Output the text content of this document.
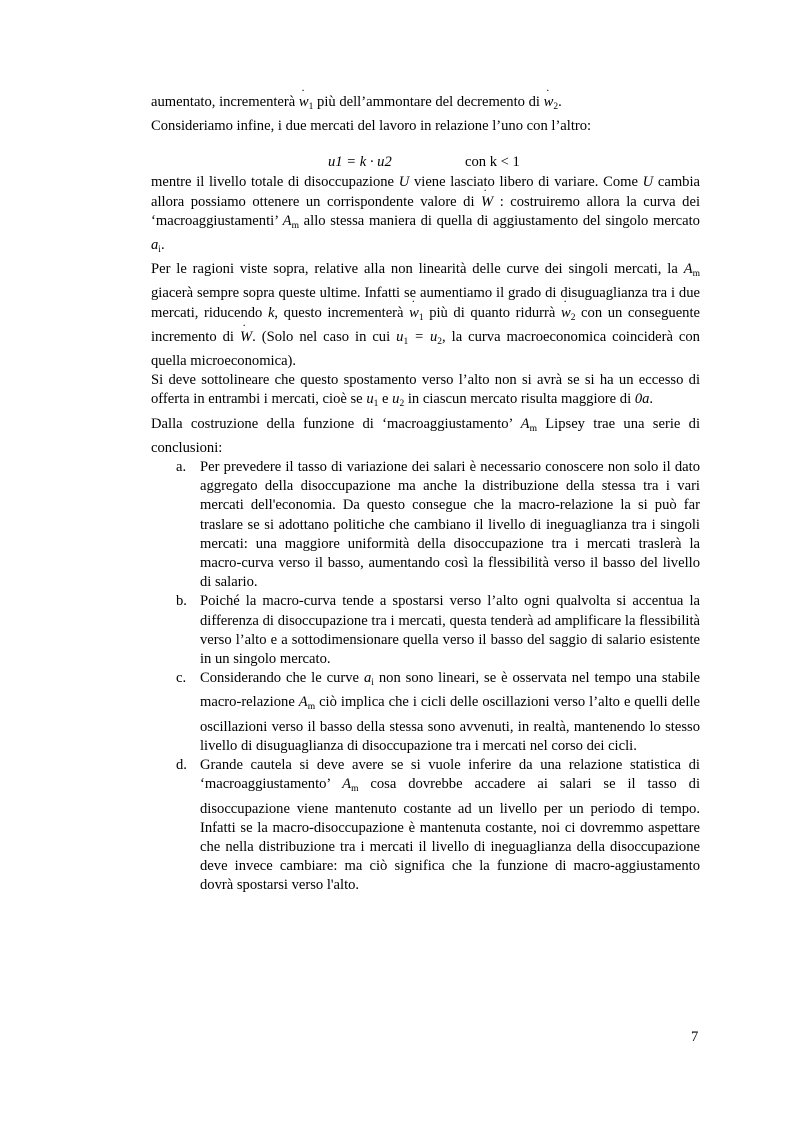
aumentato, incrementerà ˙ $w_1$ più dell’ammontare del decremento di ˙ $w_2$.

Consideriamo infine, i due mercati del lavoro in relazione l’uno con l’altro:

u1 = k · u2	con k < 1

mentre il livello totale di disoccupazione U viene lasciato libero di variare. Come U cambia allora possiamo ottenere un corrispondente valore di ˙ W : costruiremo allora la curva dei ‘macroaggiustamenti’ $A_m$ allo stessa maniera di quella di aggiustamento del singolo mercato $a_i$.

Per le ragioni viste sopra, relative alla non linearità delle curve dei singoli mercati, la $A_m$ giacerà sempre sopra queste ultime. Infatti se aumentiamo il grado di disuguaglianza tra i due mercati, riducendo k, questo incrementerà ˙ $w_1$ più di quanto ridurrà ˙ $w_2$ con un conseguente incremento di ˙ W. (Solo nel caso in cui $u_1 = u_2$, la curva macroeconomica coinciderà con quella microeconomica).

Si deve sottolineare che questo spostamento verso l’alto non si avrà se si ha un eccesso di offerta in entrambi i mercati, cioè se $u_1$ e $u_2$ in ciascun mercato risulta maggiore di 0a.

Dalla costruzione della funzione di ‘macroaggiustamento’ $A_m$ Lipsey trae una serie di conclusioni:

a. Per prevedere il tasso di variazione dei salari è necessario conoscere non solo il dato aggregato della disoccupazione ma anche la distribuzione della stessa tra i vari mercati dell'economia. Da questo consegue che la macro-relazione la si può far traslare se si adottano politiche che cambiano il livello di ineguaglianza tra i singoli mercati: una maggiore uniformità della disoccupazione tra i mercati traslerà la macro-curva verso il basso, aumentando così la flessibilità verso il basso del livello di salario.
b. Poiché la macro-curva tende a spostarsi verso l’alto ogni qualvolta si accentua la differenza di disoccupazione tra i mercati, questa tenderà ad amplificare la flessibilità verso l’alto e a sottodimensionare quella verso il basso del saggio di salario esistente in un singolo mercato.
c. Considerando che le curve $a_i$ non sono lineari, se è osservata nel tempo una stabile macro-relazione $A_m$ ciò implica che i cicli delle oscillazioni verso l’alto e quelli delle oscillazioni verso il basso della stessa sono avvenuti, in realtà, mantenendo lo stesso livello di disuguaglianza di disoccupazione tra i mercati nel corso dei cicli.
d. Grande cautela si deve avere se si vuole inferire da una relazione statistica di ‘macroaggiustamento’ $A_m$ cosa dovrebbe accadere ai salari se il tasso di disoccupazione viene mantenuto costante ad un livello per un periodo di tempo. Infatti se la macro-disoccupazione è mantenuta costante, noi ci dovremmo aspettare che nella distribuzione tra i mercati il livello di ineguaglianza della disoccupazione deve invece cambiare: ma ciò significa che la funzione di macro-aggiustamento dovrà spostarsi verso l'alto.
7
